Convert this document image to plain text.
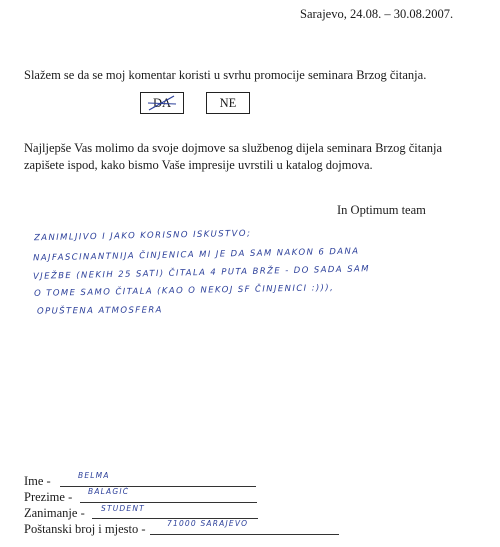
Sarajevo, 24.08. – 30.08.2007.
Slažem se da se moj komentar koristi u svrhu promocije seminara Brzog čitanja.
DA	NE
Najljepše Vas molimo da svoje dojmove sa službenog dijela seminara Brzog čitanja zapišete ispod, kako bismo Vaše impresije uvrstili u katalog dojmova.
In Optimum team
ZANIMLJIVO I JAKO KORISNO ISKUSTVO;
NAJFASCINANTNIJA ČINJENICA MI JE DA SAM NAKON 6 DANA
VJEŽBE (NEKIH 25 SATI) ČITALA 4 PUTA BRŽE - DO SADA SAM
O TOME SAMO ČITALA (KAO O NEKOJ SF ČINJENICI :))),
OPUŠTENA ATMOSFERA
Ime -	BELMA
Prezime - BALAGIĆ
Zanimanje - STUDENT
Poštanski broj i mjesto -	71000 SARAJEVO
